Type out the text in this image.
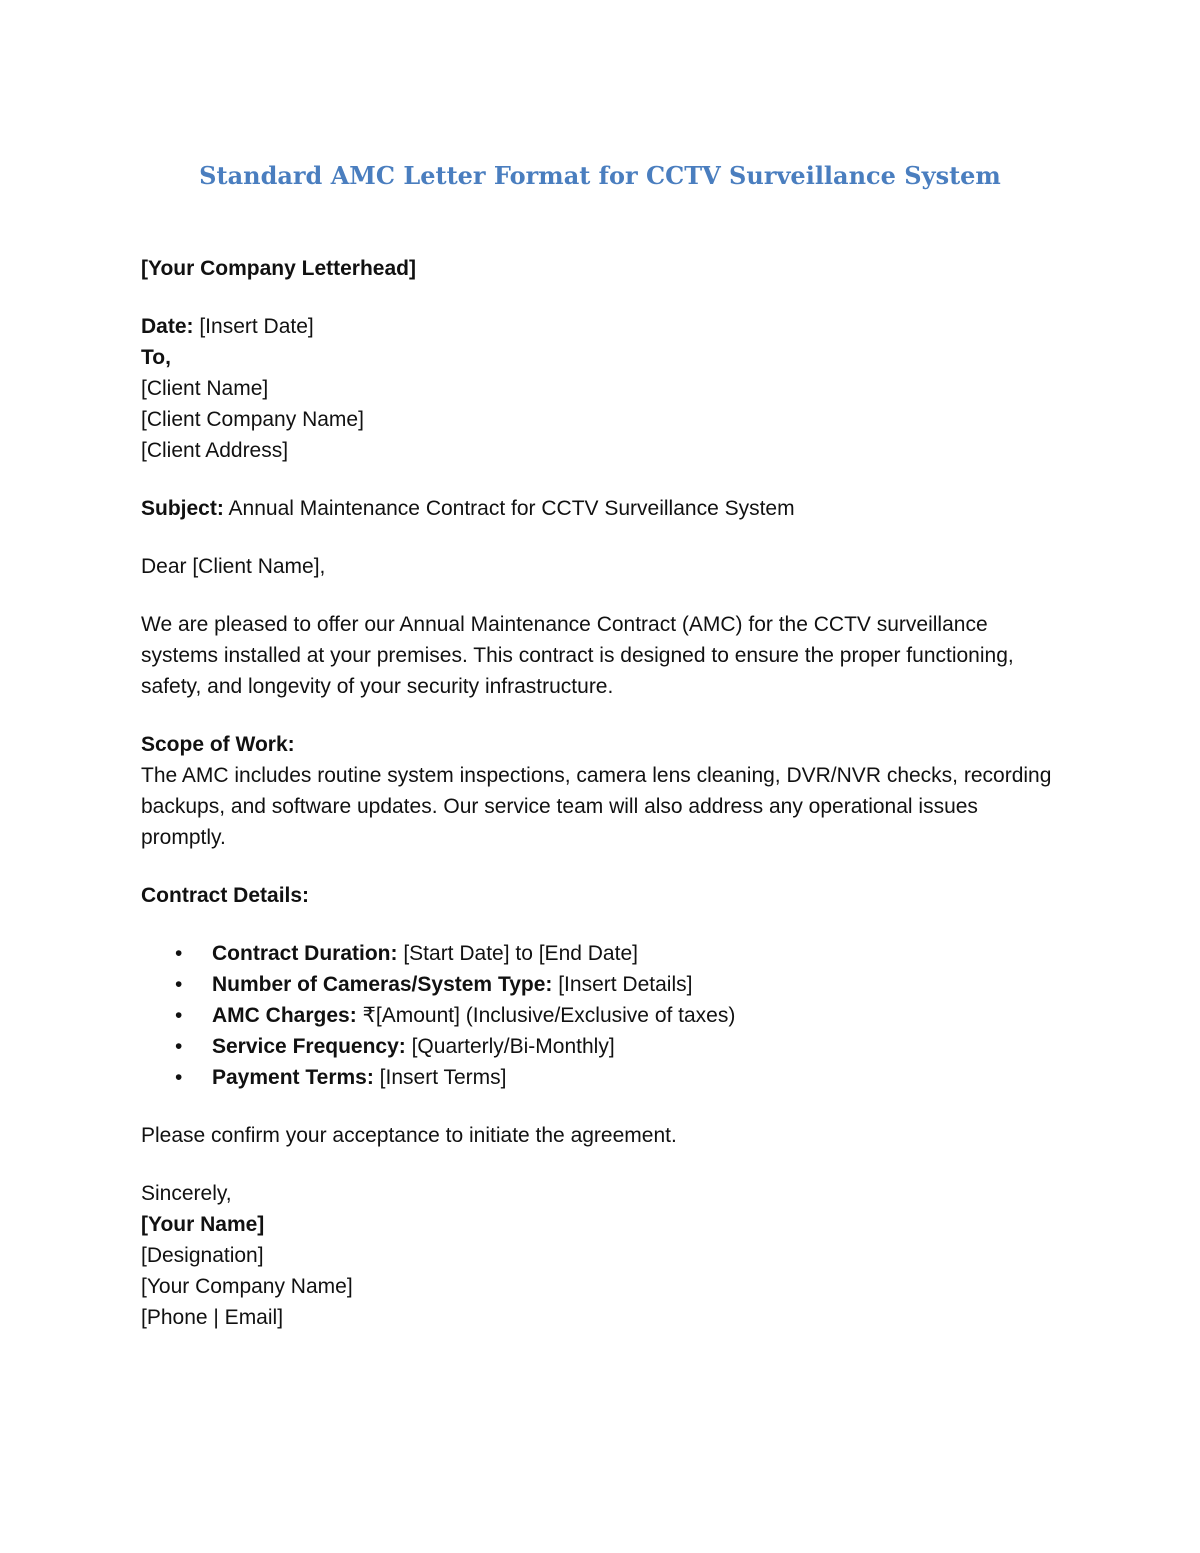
Standard AMC Letter Format for CCTV Surveillance System

[Your Company Letterhead]

Date: [Insert Date]

To,

[Client Name]

[Client Company Name]

[Client Address]

Subject: Annual Maintenance Contract for CCTV Surveillance System

Dear [Client Name],

We are pleased to offer our Annual Maintenance Contract (AMC) for the CCTV surveillance systems installed at your premises. This contract is designed to ensure the proper functioning, safety, and longevity of your security infrastructure.

Scope of Work:

The AMC includes routine system inspections, camera lens cleaning, DVR/NVR checks, recording backups, and software updates. Our service team will also address any operational issues promptly.

Contract Details:

• Contract Duration: [Start Date] to [End Date]
• Number of Cameras/System Type: [Insert Details]
• AMC Charges: ₹[Amount] (Inclusive/Exclusive of taxes)
• Service Frequency: [Quarterly/Bi-Monthly]
• Payment Terms: [Insert Terms]

Please confirm your acceptance to initiate the agreement.

Sincerely,

[Your Name]

[Designation]

[Your Company Name]

[Phone | Email]
